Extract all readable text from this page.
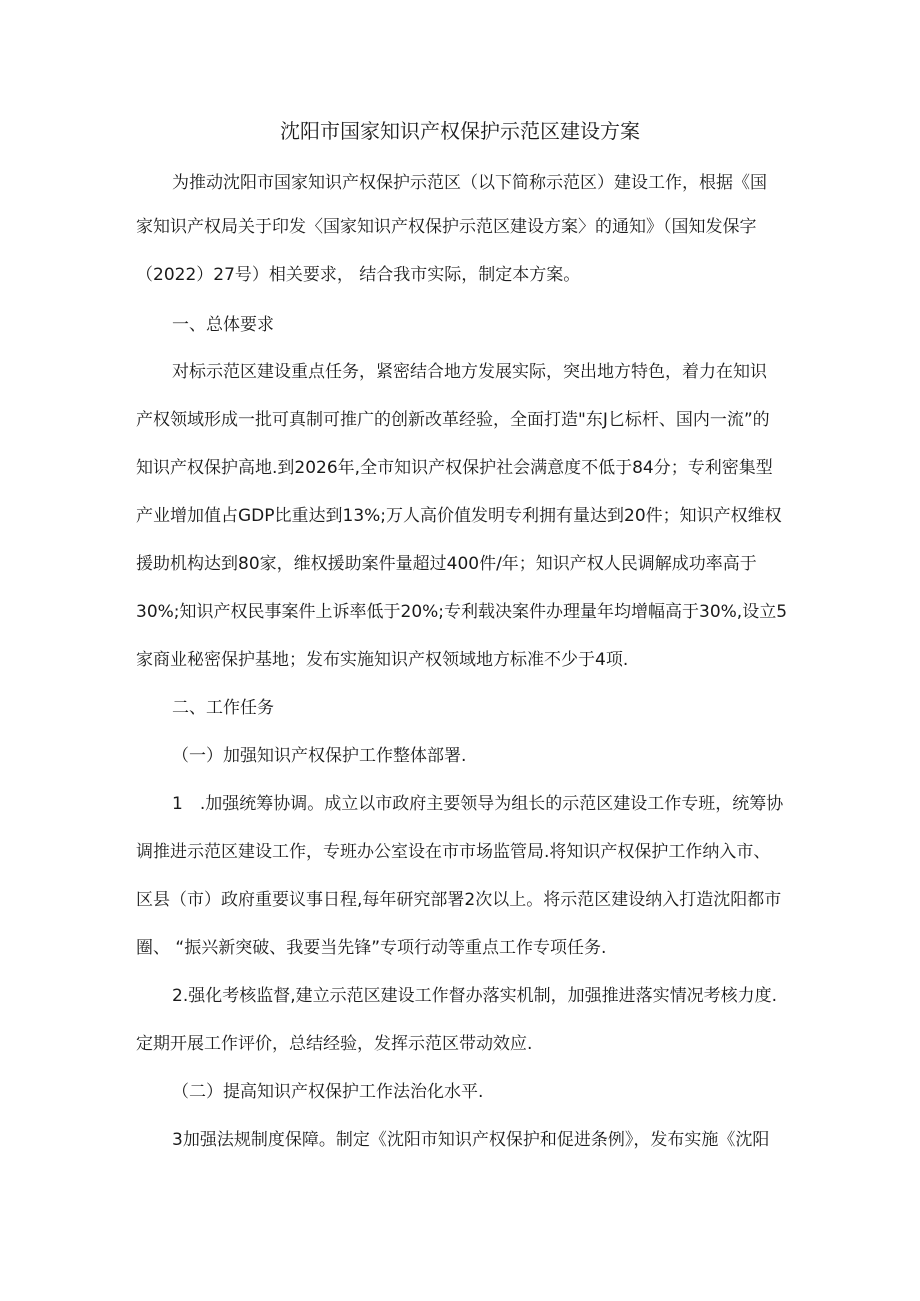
沈阳市国家知识产权保护示范区建设方案
为推动沈阳市国家知识产权保护示范区（以下简称示范区）建设工作，根据《国
家知识产权局关于印发〈国家知识产权保护示范区建设方案〉的通知》（国知发保字
（2022）27号）相关要求， 结合我市实际，制定本方案。
一、总体要求
对标示范区建设重点任务，紧密结合地方发展实际，突出地方特色，着力在知识
产权领域形成一批可真制可推广的创新改革经验，全面打造"东J匕标杆、国内一流”的
知识产权保护高地.到2026年,全市知识产权保护社会满意度不低于84分；专利密集型
产业增加值占GDP比重达到13%;万人高价值发明专利拥有量达到20件；知识产权维权
援助机构达到80家，维权援助案件量超过400件/年；知识产权人民调解成功率高于
30%;知识产权民事案件上诉率低于20%;专利载决案件办理量年均增幅高于30%,设立5
家商业秘密保护基地；发布实施知识产权领域地方标准不少于4项.
二、工作任务
（一）加强知识产权保护工作整体部署.
1　.加强统筹协调。成立以市政府主要领导为组长的示范区建设工作专班，统筹协
调推进示范区建设工作，专班办公室设在市市场监管局.将知识产权保护工作纳入市、
区县（市）政府重要议事日程,每年研究部署2次以上。将示范区建设纳入打造沈阳都市
圈、 “振兴新突破、我要当先锋”专项行动等重点工作专项任务.
2.强化考核监督,建立示范区建设工作督办落实机制，加强推进落实情况考核力度.
定期开展工作评价，总结经验，发挥示范区带动效应.
（二）提高知识产权保护工作法治化水平.
3加强法规制度保障。制定《沈阳市知识产权保护和促进条例》，发布实施《沈阳
